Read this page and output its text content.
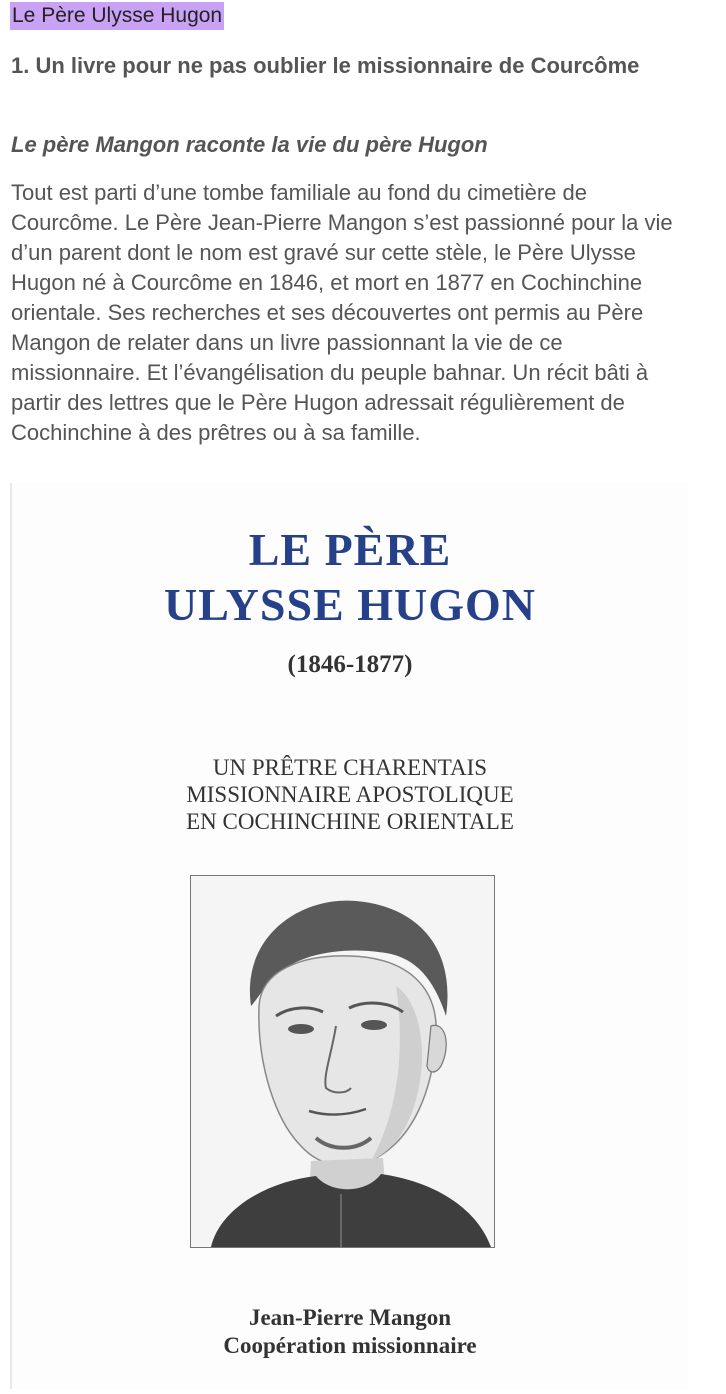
Le Père Ulysse Hugon
1. Un livre pour ne pas oublier le missionnaire de Courcôme
Le père Mangon raconte la vie du père Hugon
Tout est parti d’une tombe familiale au fond du cimetière de Courcôme. Le Père Jean-Pierre Mangon s’est passionné pour la vie d’un parent dont le nom est gravé sur cette stèle, le Père Ulysse Hugon né à Courcôme en 1846, et mort en 1877 en Cochinchine orientale. Ses recherches et ses découvertes ont permis au Père Mangon de relater dans un livre passionnant la vie de ce missionnaire. Et l’évangélisation du peuple bahnar. Un récit bâti à partir des lettres que le Père Hugon adressait régulièrement de Cochinchine à des prêtres ou à sa famille.
LE PÈRE
ULYSSE HUGON
(1846-1877)
UN PRÊTRE CHARENTAIS
MISSIONNAIRE APOSTOLIQUE
EN COCHINCHINE ORIENTALE
Jean-Pierre Mangon
Coopération missionnaire
